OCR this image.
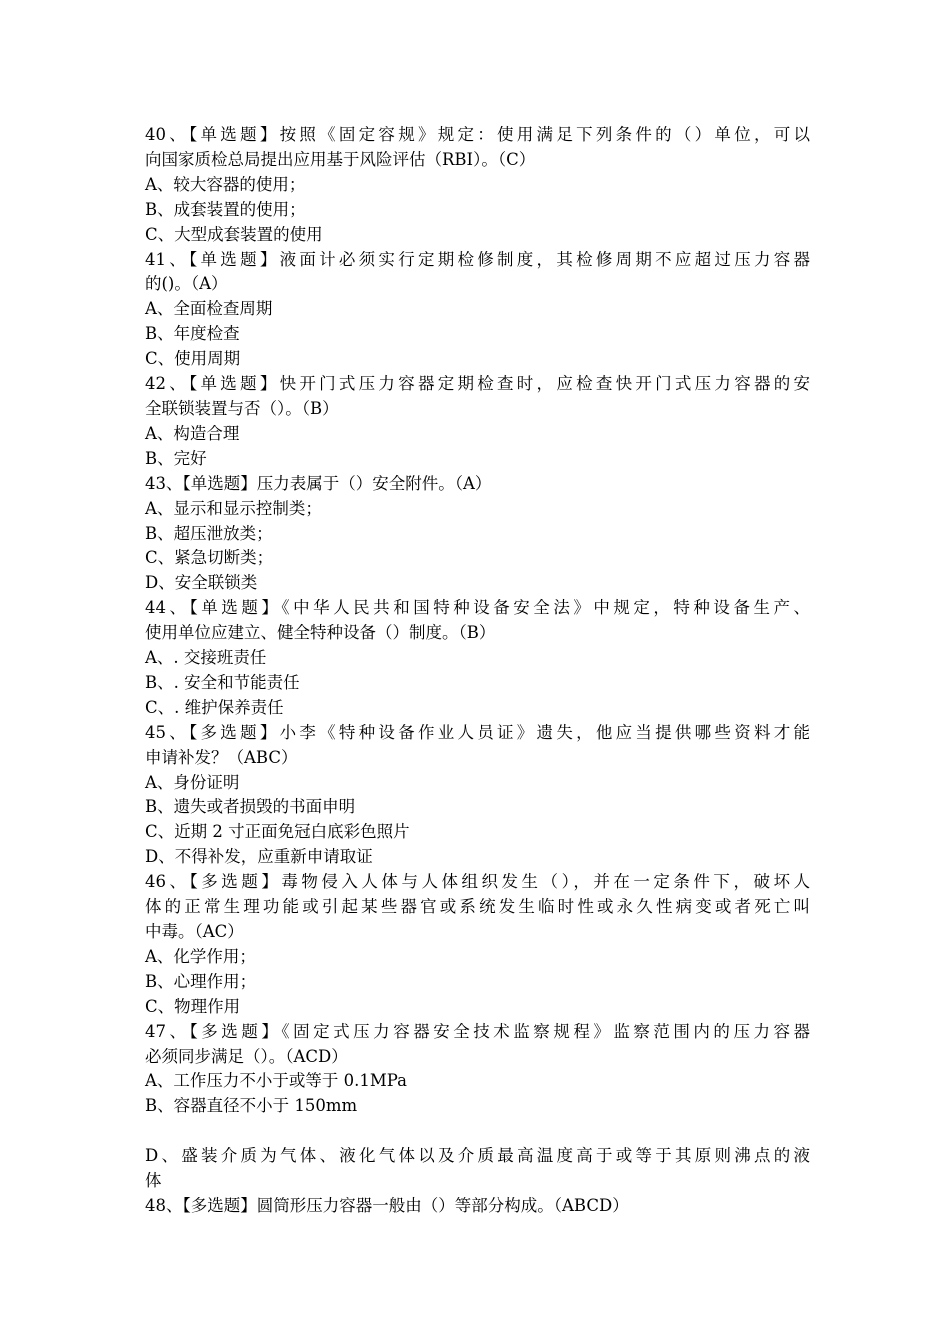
40、【单选题】按照《固定容规》规定：使用满足下列条件的（）单位，可以
向国家质检总局提出应用基于风险评估（RBI）。（C）
A、较大容器的使用；
B、成套装置的使用；
C、大型成套装置的使用
41、【单选题】液面计必须实行定期检修制度，其检修周期不应超过压力容器
的()。（A）
A、全面检查周期
B、年度检查
C、使用周期
42、【单选题】快开门式压力容器定期检查时，应检查快开门式压力容器的安
全联锁装置与否（）。（B）
A、构造合理
B、完好
43、【单选题】压力表属于（）安全附件。（A）
A、显示和显示控制类；
B、超压泄放类；
C、紧急切断类；
D、安全联锁类
44、【单选题】《中华人民共和国特种设备安全法》中规定，特种设备生产、
使用单位应建立、健全特种设备（）制度。（B）
A、. 交接班责任
B、. 安全和节能责任
C、. 维护保养责任
45、【多选题】小李《特种设备作业人员证》遗失，他应当提供哪些资料才能
申请补发？（ABC）
A、身份证明
B、遗失或者损毁的书面申明
C、近期 2 寸正面免冠白底彩色照片
D、不得补发，应重新申请取证
46、【多选题】毒物侵入人体与人体组织发生（），并在一定条件下，破坏人
体的正常生理功能或引起某些器官或系统发生临时性或永久性病变或者死亡叫
中毒。（AC）
A、化学作用；
B、心理作用；
C、物理作用
47、【多选题】《固定式压力容器安全技术监察规程》监察范围内的压力容器
必须同步满足（）。（ACD）
A、工作压力不小于或等于 0.1MPa
B、容器直径不小于 150mm
D、盛装介质为气体、液化气体以及介质最高温度高于或等于其原则沸点的液
体
48、【多选题】圆筒形压力容器一般由（）等部分构成。（ABCD）
